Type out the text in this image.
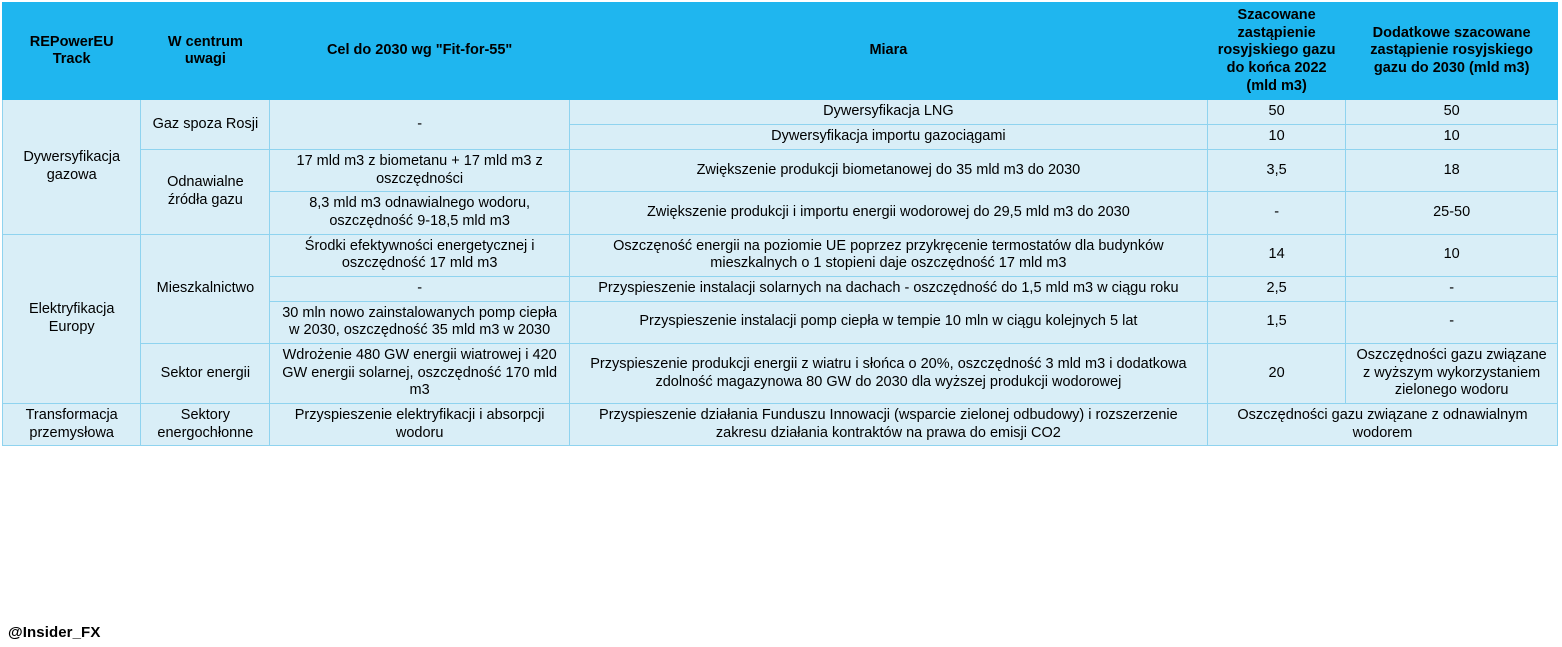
REPowerEU Track	W centrum uwagi	Cel do 2030 wg "Fit-for-55"	Miara	Szacowane zastąpienie rosyjskiego gazu do końca 2022 (mld m3)	Dodatkowe szacowane zastąpienie rosyjskiego gazu do 2030 (mld m3)
Dywersyfikacja gazowa	Gaz spoza Rosji	-	Dywersyfikacja LNG	50	50
			Dywersyfikacja importu gazociągami	10	10
	Odnawialne źródła gazu	17 mld m3 z biometanu + 17 mld m3 z oszczędności	Zwiększenie produkcji biometanowej do 35 mld m3 do 2030	3,5	18
		8,3 mld m3 odnawialnego wodoru, oszczędność 9-18,5 mld m3	Zwiększenie produkcji i importu energii wodorowej do 29,5 mld m3 do 2030	-	25-50
Elektryfikacja Europy	Mieszkalnictwo	Środki efektywności energetycznej i oszczędność 17 mld m3	Oszczęność energii na poziomie UE poprzez przykręcenie termostatów dla budynków mieszkalnych o 1 stopieni daje oszczędność 17 mld m3	14	10
		-	Przyspieszenie instalacji solarnych na dachach - oszczędność do 1,5 mld m3 w ciągu roku	2,5	-
		30 mln nowo zainstalowanych pomp ciepła w 2030, oszczędność 35 mld m3 w 2030	Przyspieszenie instalacji pomp ciepła w tempie 10 mln w ciągu kolejnych 5 lat	1,5	-
	Sektor energii	Wdrożenie 480 GW energii wiatrowej i 420 GW energii solarnej, oszczędność 170 mld m3	Przyspieszenie produkcji energii z wiatru i słońca o 20%, oszczędność 3 mld m3 i dodatkowa zdolność magazynowa 80 GW do 2030 dla wyższej produkcji wodorowej	20	Oszczędności gazu związane z wyższym wykorzystaniem zielonego wodoru
Transformacja przemysłowa	Sektory energochłonne	Przyspieszenie elektryfikacji i absorpcji wodoru	Przyspieszenie działania Funduszu Innowacji (wsparcie zielonej odbudowy) i rozszerzenie zakresu działania kontraktów na prawa do emisji CO2	Oszczędności gazu związane z odnawialnym wodorem	
@Insider_FX
